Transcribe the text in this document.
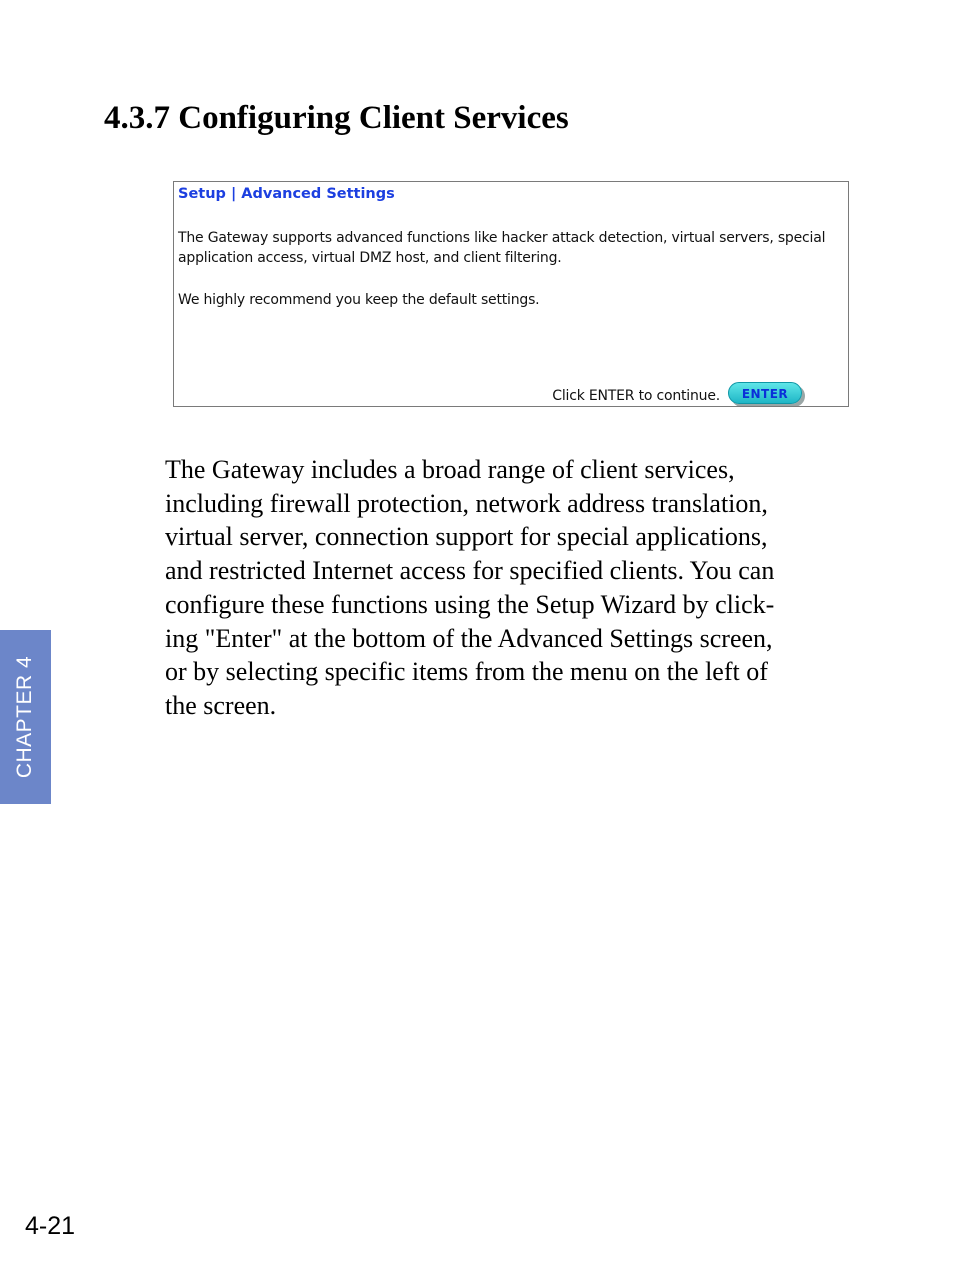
4.3.7 Configuring Client Services
Setup | Advanced Settings
The Gateway supports advanced functions like hacker attack detection, virtual servers, special
application access, virtual DMZ host, and client filtering.
We highly recommend you keep the default settings.
Click ENTER to continue.	ENTER

The Gateway includes a broad range of client services,
including firewall protection, network address translation,
virtual server, connection support for special applications,
and restricted Internet access for specified clients. You can
configure these functions using the Setup Wizard by click-
ing "Enter" at the bottom of the Advanced Settings screen,
or by selecting specific items from the menu on the left of
the screen.

CHAPTER 4
4-21
